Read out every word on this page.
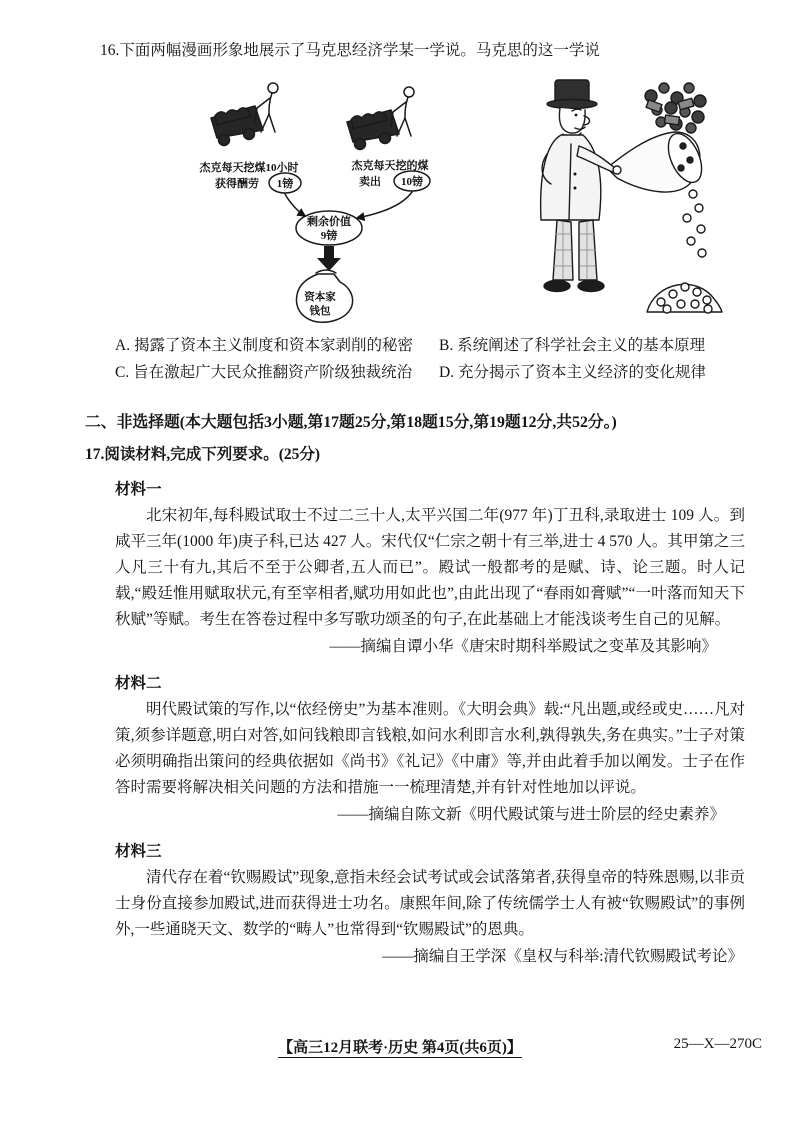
16.下面两幅漫画形象地展示了马克思经济学某一学说。马克思的这一学说
杰克每天挖煤10小时
获得酬劳 1镑
杰克每天挖的煤
卖出 10镑
剩余价值
9镑
资本家
钱包
A. 揭露了资本主义制度和资本家剥削的秘密	B. 系统阐述了科学社会主义的基本原理
C. 旨在激起广大民众推翻资产阶级独裁统治	D. 充分揭示了资本主义经济的变化规律
二、非选择题(本大题包括3小题,第17题25分,第18题15分,第19题12分,共52分。)
17.阅读材料,完成下列要求。(25分)
材料一

北宋初年,每科殿试取士不过二三十人,太平兴国二年(977 年)丁丑科,录取进士 109 人。到咸平三年(1000 年)庚子科,已达 427 人。宋代仅“仁宗之朝十有三举,进士 4 570 人。其甲第之三人凡三十有九,其后不至于公卿者,五人而已”。殿试一般都考的是赋、诗、论三题。时人记载,“殿廷惟用赋取状元,有至宰相者,赋功用如此也”,由此出现了“春雨如膏赋”“一叶落而知天下秋赋”等赋。考生在答卷过程中多写歌功颂圣的句子,在此基础上才能浅谈考生自己的见解。

——摘编自谭小华《唐宋时期科举殿试之变革及其影响》
材料二

明代殿试策的写作,以“依经傍史”为基本准则。《大明会典》载:“凡出题,或经或史……凡对策,须参详题意,明白对答,如问钱粮即言钱粮,如问水利即言水利,孰得孰失,务在典实。”士子对策必须明确指出策问的经典依据如《尚书》《礼记》《中庸》等,并由此着手加以阐发。士子在作答时需要将解决相关问题的方法和措施一一梳理清楚,并有针对性地加以评说。

——摘编自陈文新《明代殿试策与进士阶层的经史素养》
材料三

清代存在着“钦赐殿试”现象,意指未经会试考试或会试落第者,获得皇帝的特殊恩赐,以非贡士身份直接参加殿试,进而获得进士功名。康熙年间,除了传统儒学士人有被“钦赐殿试”的事例外,一些通晓天文、数学的“畴人”也常得到“钦赐殿试”的恩典。

——摘编自王学深《皇权与科举:清代钦赐殿试考论》
【高三12月联考·历史 第4页(共6页)】	25—X—270C
